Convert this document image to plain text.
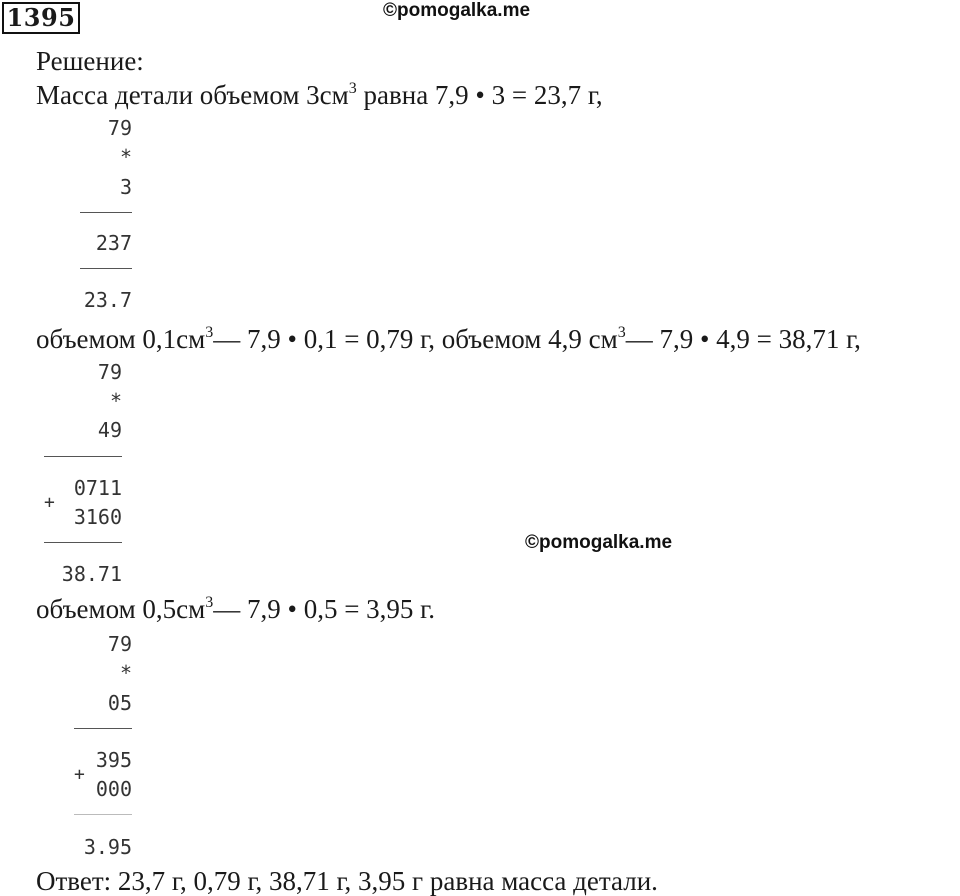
1395	©pomogalka.me
Решение:
Масса детали объемом $3см^3$ равна 7,9 • 3 = 23,7 г,
79
*
3
237
23.7
объемом $0,1см^3—$ 7,9 • 0,1 = 0,79 г, объемом 4,9 $см^3—$ 7,9 • 4,9 = 38,71 г,
79
*
49
0711
+
3160
38.71
©pomogalka.me
объемом $0,5см^3—$ 7,9 • 0,5 = 3,95 г.
79
*
05
395
+
000
3.95
Ответ: 23,7 г, 0,79 г, 38,71 г, 3,95 г равна масса детали.
